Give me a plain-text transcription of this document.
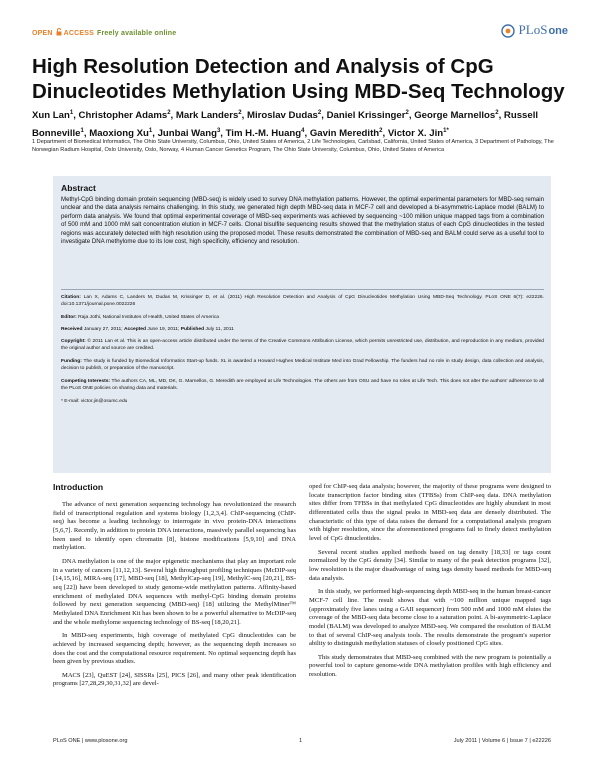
OPEN ACCESS Freely available online	PLoSone
High Resolution Detection and Analysis of CpG Dinucleotides Methylation Using MBD-Seq Technology
Xun Lan$^1$, Christopher Adams$^2$, Mark Landers$^2$, Miroslav Dudas$^2$, Daniel Krissinger$^2$, George Marnellos$^2$, Russell Bonneville$^1$, Maoxiong Xu$^1$, Junbai Wang$^3$, Tim H.-M. Huang$^4$, Gavin Meredith$^2$, Victor X. Jin$^{1*}$
1 Department of Biomedical Informatics, The Ohio State University, Columbus, Ohio, United States of America, 2 Life Technologies, Carlsbad, California, United States of America, 3 Department of Pathology, The Norwegian Radium Hospital, Oslo University, Oslo, Norway, 4 Human Cancer Genetics Program, The Ohio State University, Columbus, Ohio, United States of America
Abstract
Methyl-CpG binding domain protein sequencing (MBD-seq) is widely used to survey DNA methylation patterns. However, the optimal experimental parameters for MBD-seq remain unclear and the data analysis remains challenging. In this study, we generated high depth MBD-seq data in MCF-7 cell and developed a bi-asymmetric-Laplace model (BALM) to perform data analysis. We found that optimal experimental coverage of MBD-seq experiments was achieved by sequencing ~100 million unique mapped tags from a combination of 500 mM and 1000 mM salt concentration elution in MCF-7 cells. Clonal bisulfite sequencing results showed that the methylation status of each CpG dinucleotides in the tested regions was accurately detected with high resolution using the proposed model. These results demonstrated the combination of MBD-seq and BALM could serve as a useful tool to investigate DNA methylome due to its low cost, high specificity, efficiency and resolution.
Citation: Lan X, Adams C, Landers M, Dudas M, Krissinger D, et al. (2011) High Resolution Detection and Analysis of CpG Dinucleotides Methylation Using MBD-Seq Technology. PLoS ONE 6(7): e22226. doi:10.1371/journal.pone.0022226
Editor: Raja Jothi, National Institutes of Health, United States of America
Received January 27, 2011; Accepted June 19, 2011; Published July 11, 2011
Copyright: © 2011 Lan et al. This is an open-access article distributed under the terms of the Creative Commons Attribution License, which permits unrestricted use, distribution, and reproduction in any medium, provided the original author and source are credited.
Funding: The study is funded by Biomedical Informatics Start-up funds. XL is awarded a Howard Hughes Medical Institute Med into Grad Fellowship. The funders had no role in study design, data collection and analysis, decision to publish, or preparation of the manuscript.
Competing Interests: The authors CA, ML, MD, DK, G. Marnellos, G. Meredith are employed at Life Technologies. The others are from OSU and have no roles at Life Tech. This does not alter the authors' adherence to all the PLoS ONE policies on sharing data and materials.
* E-mail: victor.jin@osumc.edu
Introduction

The advance of next generation sequencing technology has revolutionized the research field of transcriptional regulation and systems biology [1,2,3,4]. ChIP-sequencing (ChIP-seq) has become a leading technology to interrogate in vivo protein-DNA interactions [5,6,7]. Recently, in addition to protein DNA interactions, massively parallel sequencing has been used to identify open chromatin [8], histone modifications [5,9,10] and DNA methylation.

DNA methylation is one of the major epigenetic mechanisms that play an important role in a variety of cancers [11,12,13]. Several high throughput profiling techniques (McDIP-seq [14,15,16], MIRA-seq [17], MBD-seq [18], MethylCap-seq [19], MethylC-seq [20,21], BS-seq [22]) have been developed to study genome-wide methylation patterns. Affinity-based enrichment of methylated DNA sequences with methyl-CpG binding domain proteins followed by next generation sequencing (MBD-seq) [18] utilizing the MethylMiner™ Methylated DNA Enrichment Kit has been shown to be a powerful alternative to McDIP-seq and the whole methylome sequencing technology of BS-seq [18,20,21].

In MBD-seq experiments, high coverage of methylated CpG dinucleotides can be achieved by increased sequencing depth; however, as the sequencing depth increases so does the cost and the computational resource requirement. No optimal sequencing depth has been given by previous studies.

MACS [23], QuEST [24], SISSRs [25], PICS [26], and many other peak identification programs [27,28,29,30,31,32] are devel-

oped for ChIP-seq data analysis; however, the majority of these programs were designed to locate transcription factor binding sites (TFBSs) from ChIP-seq data. DNA methylation sites differ from TFBSs in that methylated CpG dinucleotides are highly abundant in most differentiated cells thus the signal peaks in MBD-seq data are densely distributed. The characteristic of this type of data raises the demand for a computational analysis program with higher resolution, since the aforementioned programs fail to finely detect methylation level of CpG dinucleotides.

Several recent studies applied methods based on tag density [18,33] or tags count normalized by the CpG density [34]. Similar to many of the peak detection programs [32], low resolution is the major disadvantage of using tags density based methods for MBD-seq data analysis.

In this study, we performed high-sequencing depth MBD-seq in the human breast-cancer MCF-7 cell line. The result shows that with ~100 million unique mapped tags (approximately five lanes using a GAII sequencer) from 500 mM and 1000 mM elutes the coverage of the MBD-seq data become close to a saturation point. A bi-asymmetric-Laplace model (BALM) was developed to analyze MBD-seq. We compared the resolution of BALM to that of several ChIP-seq analysis tools. The results demonstrate the program's superior ability to distinguish methylation statuses of closely positioned CpG sites.

This study demonstrates that MBD-seq combined with the new program is potentially a powerful tool to capture genome-wide DNA methylation profiles with high efficiency and resolution.

PLoS ONE | www.plosone.org	1	July 2011 | Volume 6 | Issue 7 | e22226
